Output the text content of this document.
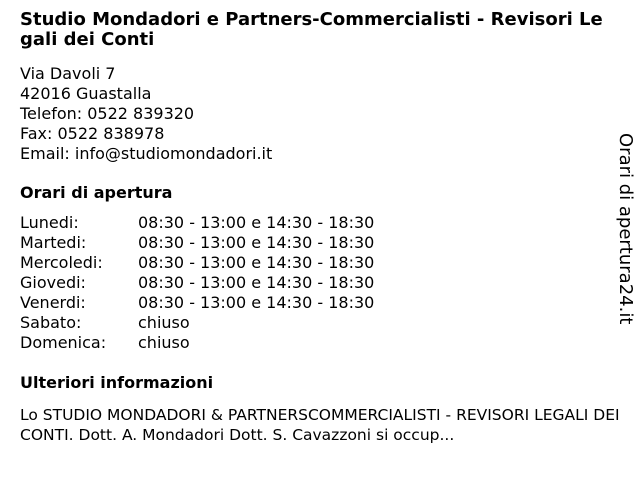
Studio Mondadori e Partners-Commercialisti - Revisori Legali dei Conti
Via Davoli 7
42016 Guastalla
Telefon: 0522 839320
Fax: 0522 838978
Email: info@studiomondadori.it
Orari di apertura
Lunedi:	08:30 - 13:00 e 14:30 - 18:30
Martedi:	08:30 - 13:00 e 14:30 - 18:30
Mercoledi:	08:30 - 13:00 e 14:30 - 18:30
Giovedi:	08:30 - 13:00 e 14:30 - 18:30
Venerdi:	08:30 - 13:00 e 14:30 - 18:30
Sabato:	chiuso
Domenica:	chiuso
Ulteriori informazioni

Lo STUDIO MONDADORI & PARTNERSCOMMERCIALISTI - REVISORI LEGALI DEI CONTI. Dott. A. Mondadori Dott. S. Cavazzoni si occup...

Orari di apertura24.it
